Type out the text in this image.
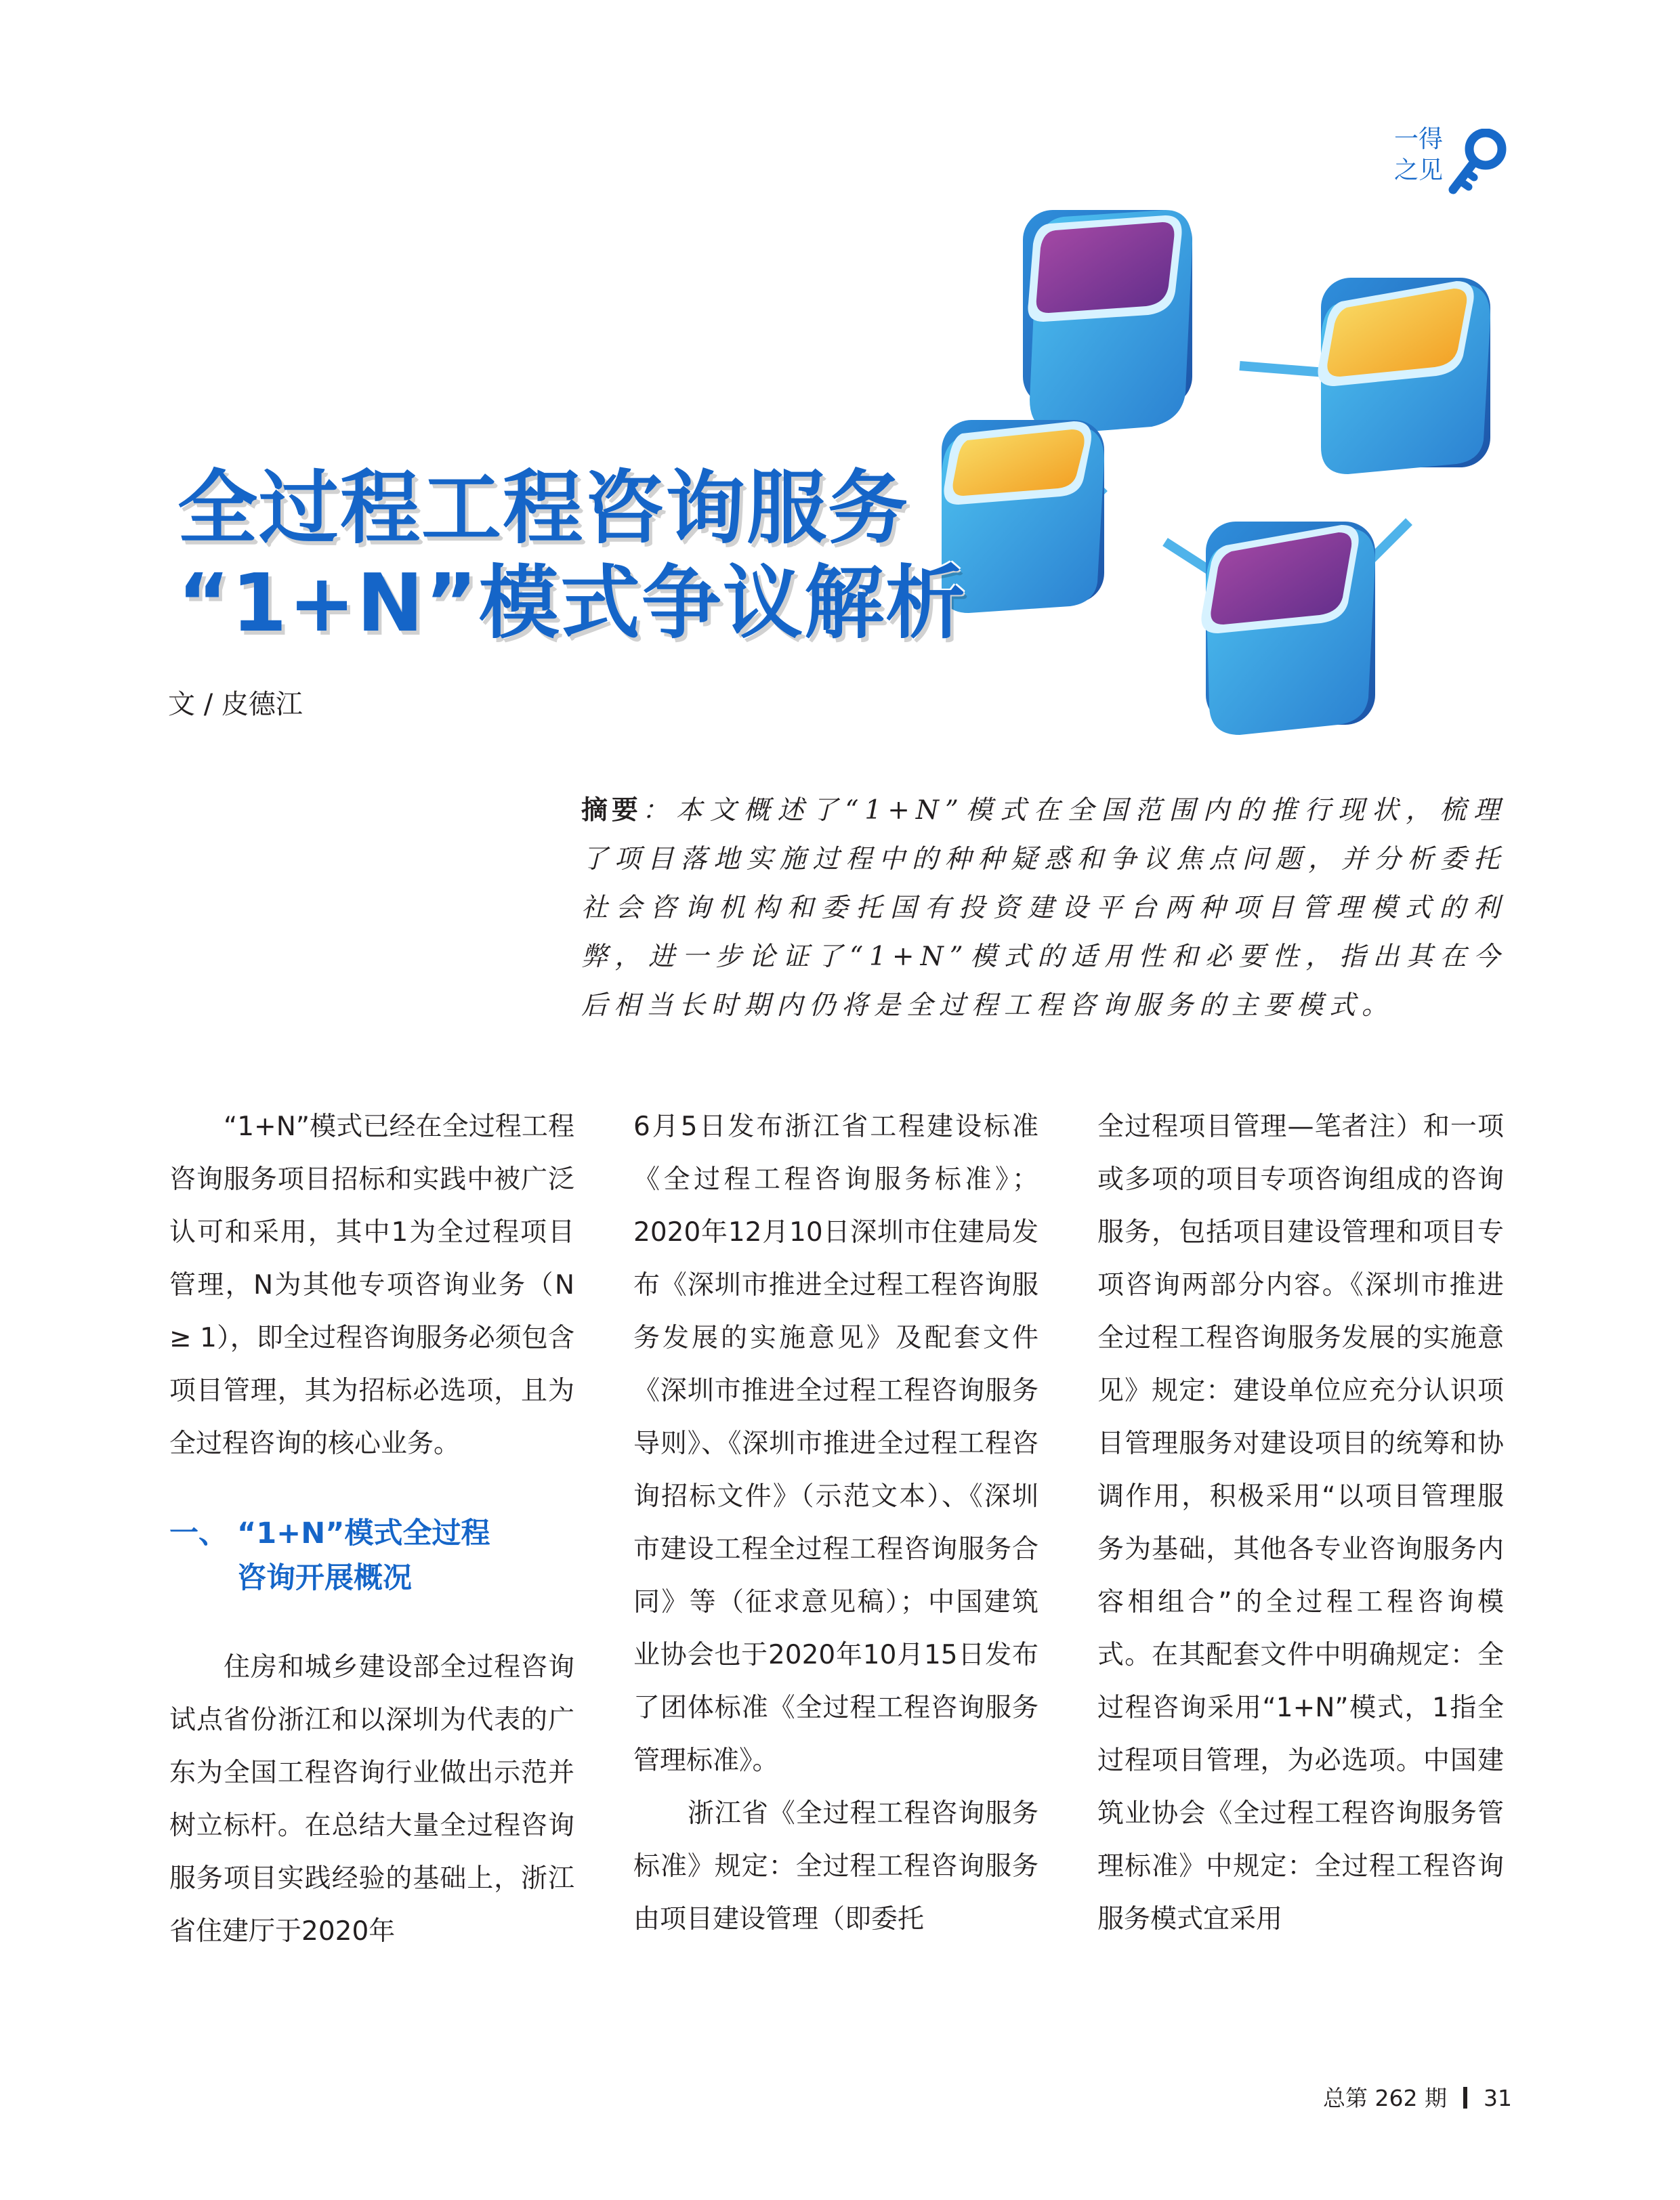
一得
之见
全过程工程咨询服务
“1+N”模式争议解析
文 / 皮德江
摘要：本文概述了“1+N”模式在全国范围内的推行现状，梳理了项目落地实施过程中的种种疑惑和争议焦点问题，并分析委托社会咨询机构和委托国有投资建设平台两种项目管理模式的利弊，进一步论证了“1+N”模式的适用性和必要性，指出其在今后相当长时期内仍将是全过程工程咨询服务的主要模式。

“1+N”模式已经在全过程工程咨询服务项目招标和实践中被广泛认可和采用，其中1为全过程项目管理，N为其他专项咨询业务（N ≥ 1），即全过程咨询服务必须包含项目管理，其为招标必选项，且为全过程咨询的核心业务。

一、 “1+N”模式全过程
咨询开展概况

住房和城乡建设部全过程咨询试点省份浙江和以深圳为代表的广东为全国工程咨询行业做出示范并树立标杆。在总结大量全过程咨询服务项目实践经验的基础上，浙江省住建厅于2020年

6月5日发布浙江省工程建设标准《全过程工程咨询服务标准》；2020年12月10日深圳市住建局发布《深圳市推进全过程工程咨询服务发展的实施意见》及配套文件《深圳市推进全过程工程咨询服务导则》、《深圳市推进全过程工程咨询招标文件》（示范文本）、《深圳市建设工程全过程工程咨询服务合同》等（征求意见稿）；中国建筑业协会也于2020年10月15日发布了团体标准《全过程工程咨询服务管理标准》。

浙江省《全过程工程咨询服务标准》规定：全过程工程咨询服务由项目建设管理（即委托

全过程项目管理—笔者注）和一项或多项的项目专项咨询组成的咨询服务，包括项目建设管理和项目专项咨询两部分内容。《深圳市推进全过程工程咨询服务发展的实施意见》规定：建设单位应充分认识项目管理服务对建设项目的统筹和协调作用，积极采用“以项目管理服务为基础，其他各专业咨询服务内容相组合”的全过程工程咨询模式。在其配套文件中明确规定：全过程咨询采用“1+N”模式，1指全过程项目管理，为必选项。中国建筑业协会《全过程工程咨询服务管理标准》中规定：全过程工程咨询服务模式宜采用

总第 262 期 31
